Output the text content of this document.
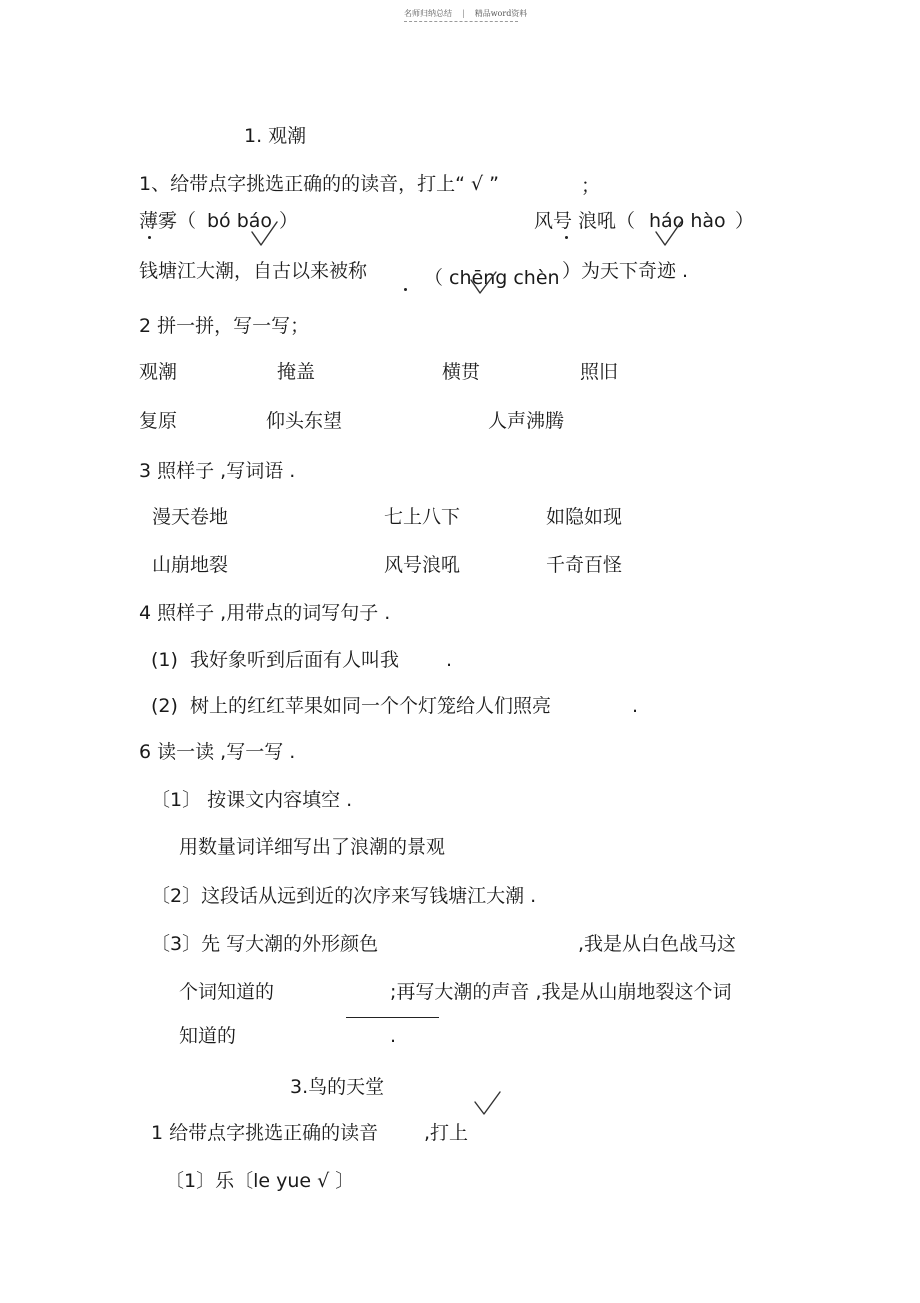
名师归纳总结 | 精品word资料
1. 观潮
1、给带点字挑选正确的的读音，打上“ √ ”	；
薄雾（ bó báo ）	风号 浪吼（ háo hào ）
钱塘江大潮，自古以来被称	（ chēng chèn ）为天下奇迹 .
2 拼一拼，写一写；
观潮	掩盖	横贯	照旧
复原	仰头东望	人声沸腾
3 照样子 ,写词语 .
漫天卷地	七上八下	如隐如现
山崩地裂	风号浪吼	千奇百怪
4 照样子 ,用带点的词写句子 .
(1) 我好象听到后面有人叫我 .
(2) 树上的红红苹果如同一个个灯笼给人们照亮	.
6 读一读 ,写一写 .
〔1〕 按课文内容填空 .
用数量词详细写出了浪潮的景观
〔2〕这段话从远到近的次序来写钱塘江大潮 .
〔3〕先 写大潮的外形颜色	,我是从白色战马这
个词知道的	;再写大潮的声音 ,我是从山崩地裂这个词
知道的	.
3.鸟的天堂
1 给带点字挑选正确的读音 ,打上
〔1〕乐〔le yue √ 〕
